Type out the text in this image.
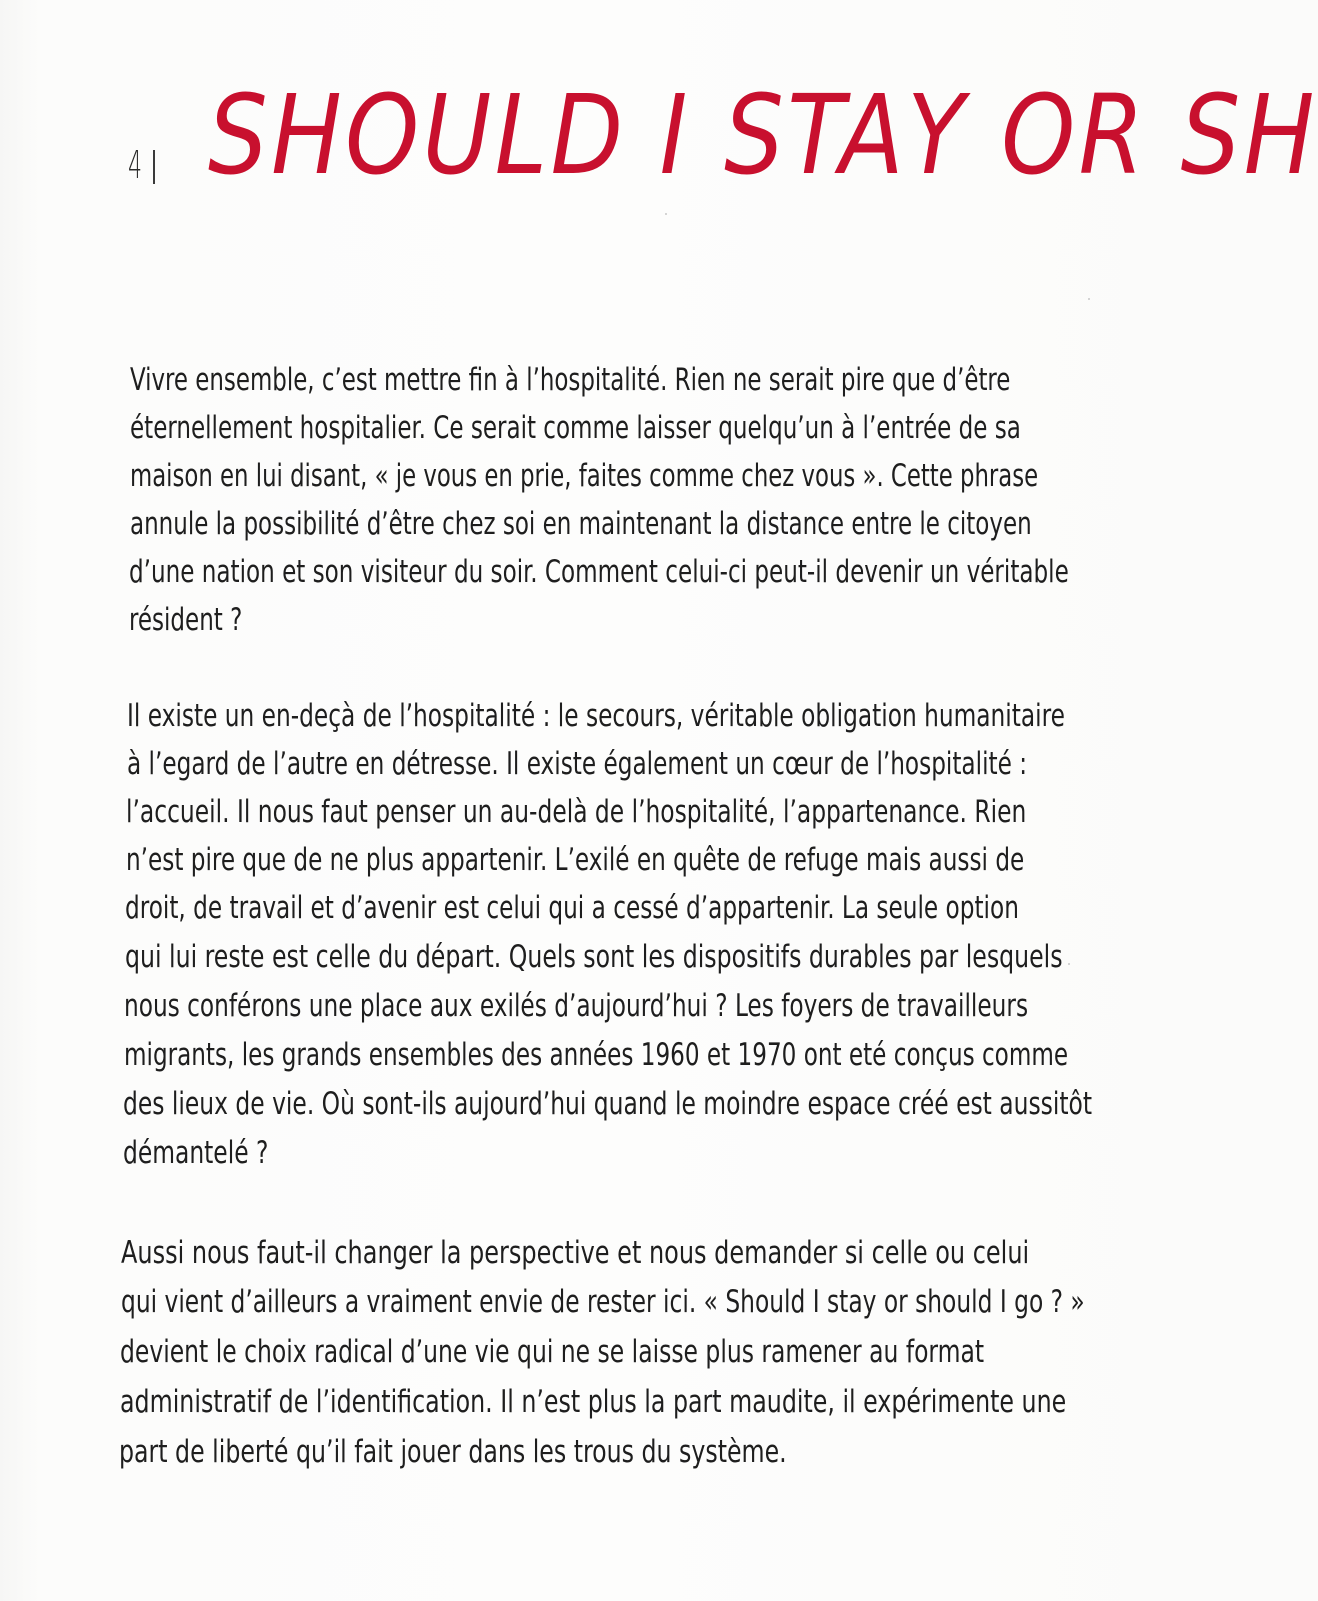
4 SHOULD I STAY OR SH
Vivre ensemble, c’est mettre fin à l’hospitalité. Rien ne serait pire que d’être
éternellement hospitalier. Ce serait comme laisser quelqu’un à l’entrée de sa
maison en lui disant, « je vous en prie, faites comme chez vous ». Cette phrase
annule la possibilité d’être chez soi en maintenant la distance entre le citoyen
d’une nation et son visiteur du soir. Comment celui-ci peut-il devenir un véritable
résident ?
Il existe un en-deçà de l’hospitalité : le secours, véritable obligation humanitaire
à l’egard de l’autre en détresse. Il existe également un cœur de l’hospitalité :
l’accueil. Il nous faut penser un au-delà de l’hospitalité, l’appartenance. Rien
n’est pire que de ne plus appartenir. L’exilé en quête de refuge mais aussi de
droit, de travail et d’avenir est celui qui a cessé d’appartenir. La seule option
qui lui reste est celle du départ. Quels sont les dispositifs durables par lesquels
nous conférons une place aux exilés d’aujourd’hui ? Les foyers de travailleurs
migrants, les grands ensembles des années 1960 et 1970 ont eté conçus comme
des lieux de vie. Où sont-ils aujourd’hui quand le moindre espace créé est aussitôt
démantelé ?
Aussi nous faut-il changer la perspective et nous demander si celle ou celui
qui vient d’ailleurs a vraiment envie de rester ici. « Should I stay or should I go ? »
devient le choix radical d’une vie qui ne se laisse plus ramener au format
administratif de l’identification. Il n’est plus la part maudite, il expérimente une
part de liberté qu’il fait jouer dans les trous du système.
